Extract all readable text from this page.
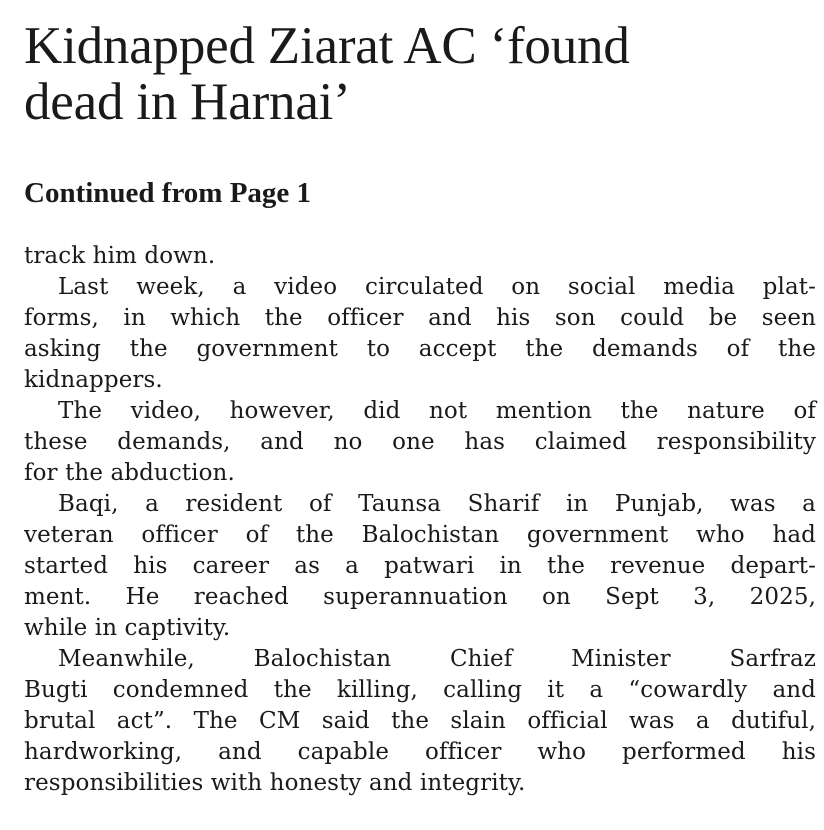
Kidnapped Ziarat AC ‘found
dead in Harnai’
Continued from Page 1
track him down.
Last week, a video circulated on social media plat-
forms, in which the officer and his son could be seen
asking the government to accept the demands of the
kidnappers.
The video, however, did not mention the nature of
these demands, and no one has claimed responsibility
for the abduction.
Baqi, a resident of Taunsa Sharif in Punjab, was a
veteran officer of the Balochistan government who had
started his career as a patwari in the revenue depart-
ment. He reached superannuation on Sept 3, 2025,
while in captivity.
Meanwhile, Balochistan Chief Minister Sarfraz
Bugti condemned the killing, calling it a “cowardly and
brutal act”. The CM said the slain official was a dutiful,
hardworking, and capable officer who performed his
responsibilities with honesty and integrity.
